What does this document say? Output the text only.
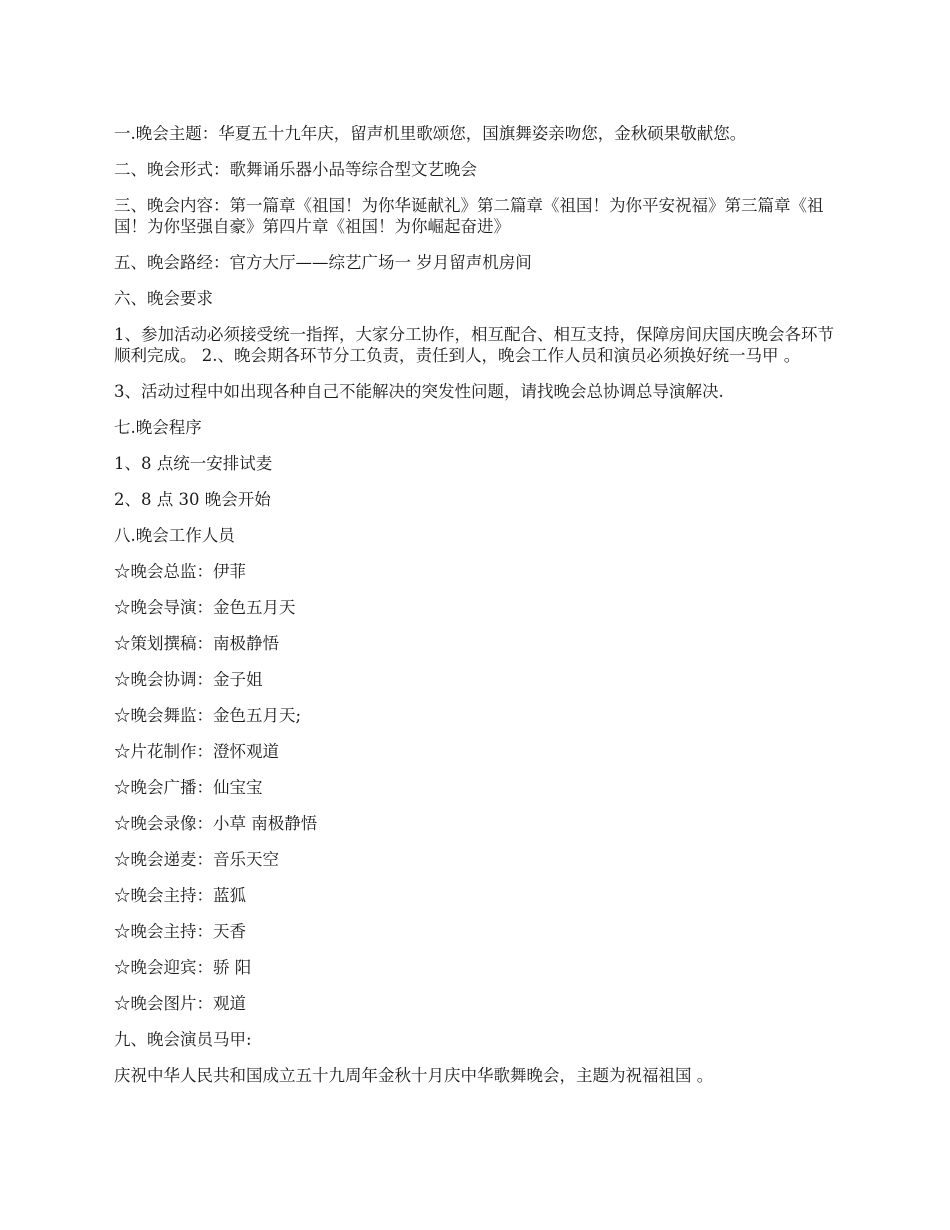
一.晚会主题：华夏五十九年庆，留声机里歌颂您，国旗舞姿亲吻您，金秋硕果敬献您。

二、晚会形式：歌舞诵乐器小品等综合型文艺晚会

三、晚会内容：第一篇章《祖国！为你华诞献礼》第二篇章《祖国！为你平安祝福》第三篇章《祖国！为你坚强自豪》第四片章《祖国！为你崛起奋进》

五、晚会路经：官方大厅——综艺广场一 岁月留声机房间

六、晚会要求

1、参加活动必须接受统一指挥，大家分工协作，相互配合、相互支持，保障房间庆国庆晚会各环节顺利完成。 2.、晚会期各环节分工负责，责任到人，晚会工作人员和演员必须换好统一马甲 。

3、活动过程中如出现各种自己不能解决的突发性问题，请找晚会总协调总导演解决.

七.晚会程序

1、8 点统一安排试麦

2、8 点 30 晚会开始

八.晚会工作人员

☆晚会总监：伊菲

☆晚会导演：金色五月天

☆策划撰稿：南极静悟

☆晚会协调：金子姐

☆晚会舞监：金色五月天;

☆片花制作：澄怀观道

☆晚会广播：仙宝宝

☆晚会录像：小草 南极静悟

☆晚会递麦：音乐天空

☆晚会主持：蓝狐

☆晚会主持：天香

☆晚会迎宾：骄 阳

☆晚会图片：观道

九、晚会演员马甲:

庆祝中华人民共和国成立五十九周年金秋十月庆中华歌舞晚会，主题为祝福祖国 。
